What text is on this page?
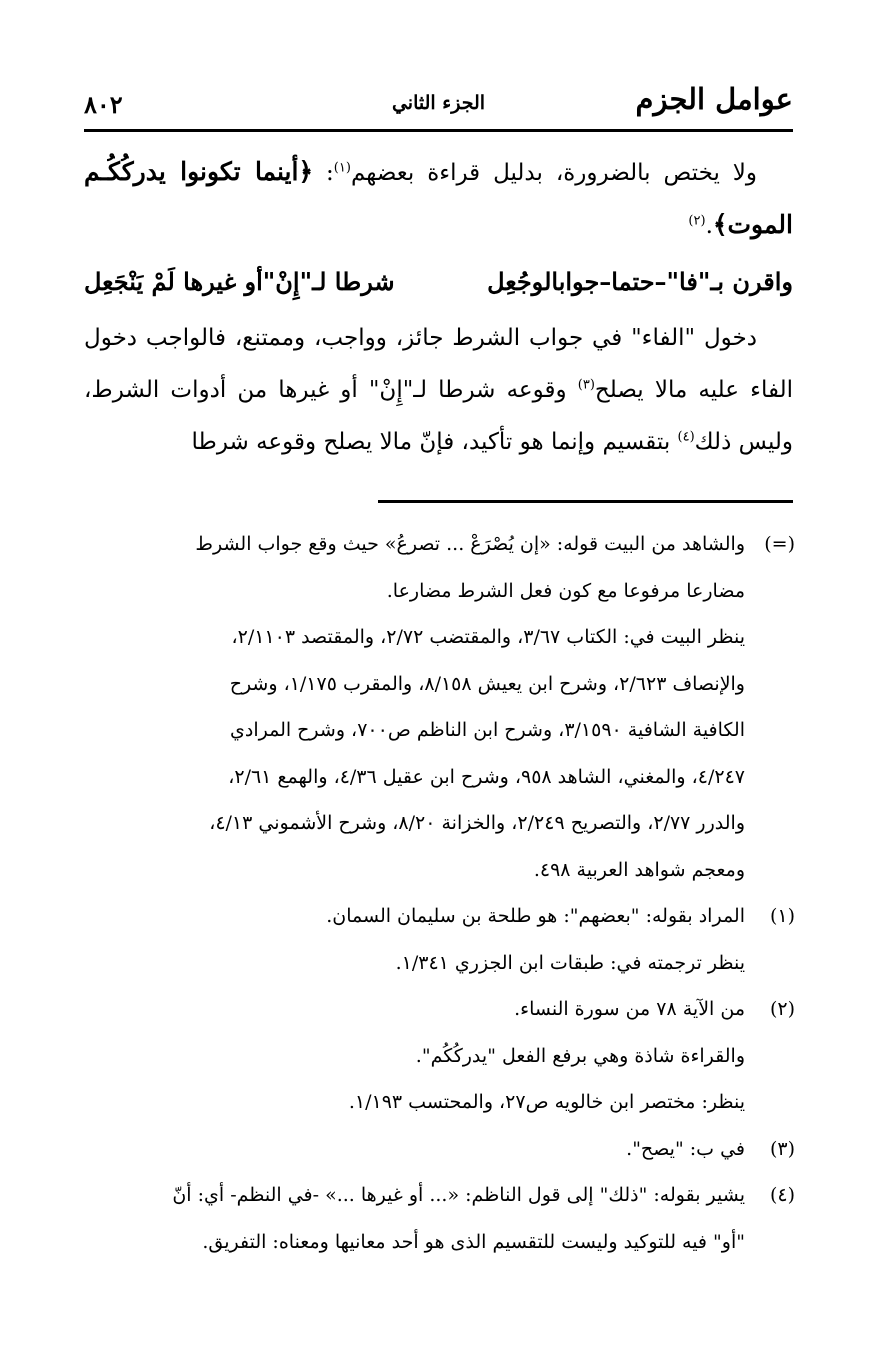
عوامل الجزم
الجزء الثاني
٨٠٢

ولا يختص بالضرورة، بدليل قراءة بعضهم$^{(١)}$: ﴿أينما تكونوا يدركُكُـم الموت﴾.$^{(٢)}$

واقرن بـ"فا"–حتما–جوابالوجُعِل
شرطا لـ"إِنْ"أو غيرها لَمْ يَنْجَعِل

دخول "الفاء" في جواب الشرط جائز، وواجب، وممتنع، فالواجب دخول الفاء عليه مالا يصلح$^{(٣)}$ وقوعه شرطا لـ"إِنْ" أو غيرها من أدوات الشرط، وليس ذلك$^{(٤)}$ بتقسيم وإنما هو تأكيد، فإنّ مالا يصلح وقوعه شرطا

(=)
والشاهد من البيت قوله: «إن يُصْرَعْ ... تصرعُ» حيث وقع جواب الشرط
مضارعا مرفوعا مع كون فعل الشرط مضارعا.
ينظر البيت في: الكتاب ٣/٦٧، والمقتضب ٢/٧٢، والمقتصد ٢/١١٠٣،
والإنصاف ٢/٦٢٣، وشرح ابن يعيش ٨/١٥٨، والمقرب ١/١٧٥، وشرح
الكافية الشافية ٣/١٥٩٠، وشرح ابن الناظم ص٧٠٠، وشرح المرادي
٤/٢٤٧، والمغني، الشاهد ٩٥٨، وشرح ابن عقيل ٤/٣٦، والهمع ٢/٦١،
والدرر ٢/٧٧، والتصريح ٢/٢٤٩، والخزانة ٨/٢٠، وشرح الأشموني ٤/١٣،
ومعجم شواهد العربية ٤٩٨.
(١)
المراد بقوله: "بعضهم": هو طلحة بن سليمان السمان.
ينظر ترجمته في: طبقات ابن الجزري ١/٣٤١.
(٢)
من الآية ٧٨ من سورة النساء.
والقراءة شاذة وهي برفع الفعل "يدركُكُم".
ينظر: مختصر ابن خالويه ص٢٧، والمحتسب ١/١٩٣.
(٣)
في ب: "يصح".
(٤)
يشير بقوله: "ذلك" إلى قول الناظم: «... أو غيرها ...» -في النظم- أي: أنّ
"أو" فيه للتوكيد وليست للتقسيم الذى هو أحد معانيها ومعناه: التفريق.
